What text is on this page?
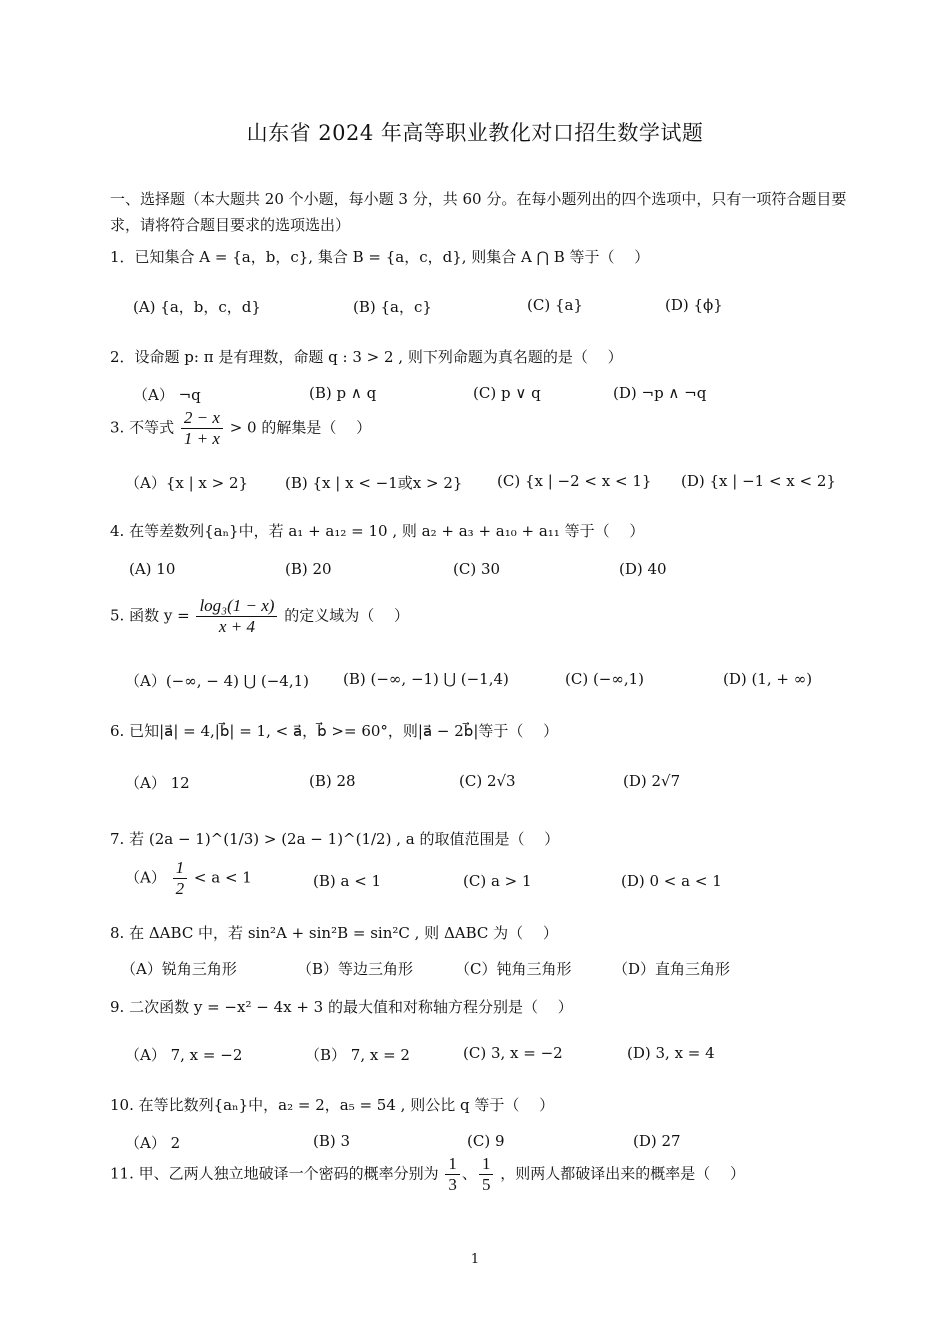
山东省 2024 年高等职业教化对口招生数学试题
一、选择题（本大题共 20 个小题，每小题 3 分，共 60 分。在每小题列出的四个选项中，只有一项符合题目要求，请将符合题目要求的选项选出）
1．已知集合 A = {a，b，c}, 集合 B = {a，c，d}, 则集合 A ⋂ B 等于（　 ）
(A) {a，b，c，d}	(B) {a，c}	(C) {a}	(D) {ϕ}
2．设命题 p: π 是有理数，命题 q : 3 > 2 , 则下列命题为真名题的是（　 ）
（A） ¬q	(B) p ∧ q	(C) p ∨ q	(D) ¬p ∧ ¬q
3. 不等式 $\frac{2 - x}{1 + x} > 0$ 的解集是（　 ）
（A）{x | x > 2} (B) {x | x < −1或x > 2} (C) {x | −2 < x < 1} (D) {x | −1 < x < 2}
4. 在等差数列{aₙ}中，若 a₁ + a₁₂ = 10 , 则 a₂ + a₃ + a₁₀ + a₁₁ 等于（　 ）
(A) 10	(B) 20	(C) 30	(D) 40
5. 函数 $y = \frac{\text{log₃(1 − x)}}{x + 4}$ 的定义域为（　 ）
（A）(−∞, − 4) ⋃ (−4,1) (B) (−∞, −1) ⋃ (−1,4)	(C) (−∞,1)	(D) (1, + ∞)
6. 已知|a⃗| = 4,|b⃗| = 1, < a⃗，b⃗ >= 60°，则|a⃗ − 2b⃗|等于（　 ）
（A） 12	(B) 28	(C) 2√3	(D) 2√7
7. 若 (2a − 1)^(1/3) > (2a − 1)^(1/2) , a 的取值范围是（　 ）
$(A) \frac{1}{2} < a < 1$	(B) a < 1	(C) a > 1	(D) 0 < a < 1
8. 在 ΔABC 中，若 sin²A + sin²B = sin²C , 则 ΔABC 为（　 ）
（A）锐角三角形	（B）等边三角形	（C）钝角三角形	（D）直角三角形
9. 二次函数 y = −x² − 4x + 3 的最大值和对称轴方程分别是（　 ）
（A） 7, x = −2	（B） 7, x = 2	(C) 3, x = −2	(D) 3, x = 4
10. 在等比数列{aₙ}中，a₂ = 2，a₅ = 54 , 则公比 q 等于（　 ）
（A） 2	(B) 3	(C) 9	(D) 27
11. 甲、乙两人独立地破译一个密码的概率分别为 $\frac{1}{3}$ 、 $\frac{1}{5}$ ，则两人都破译出来的概率是（　 ）
1
